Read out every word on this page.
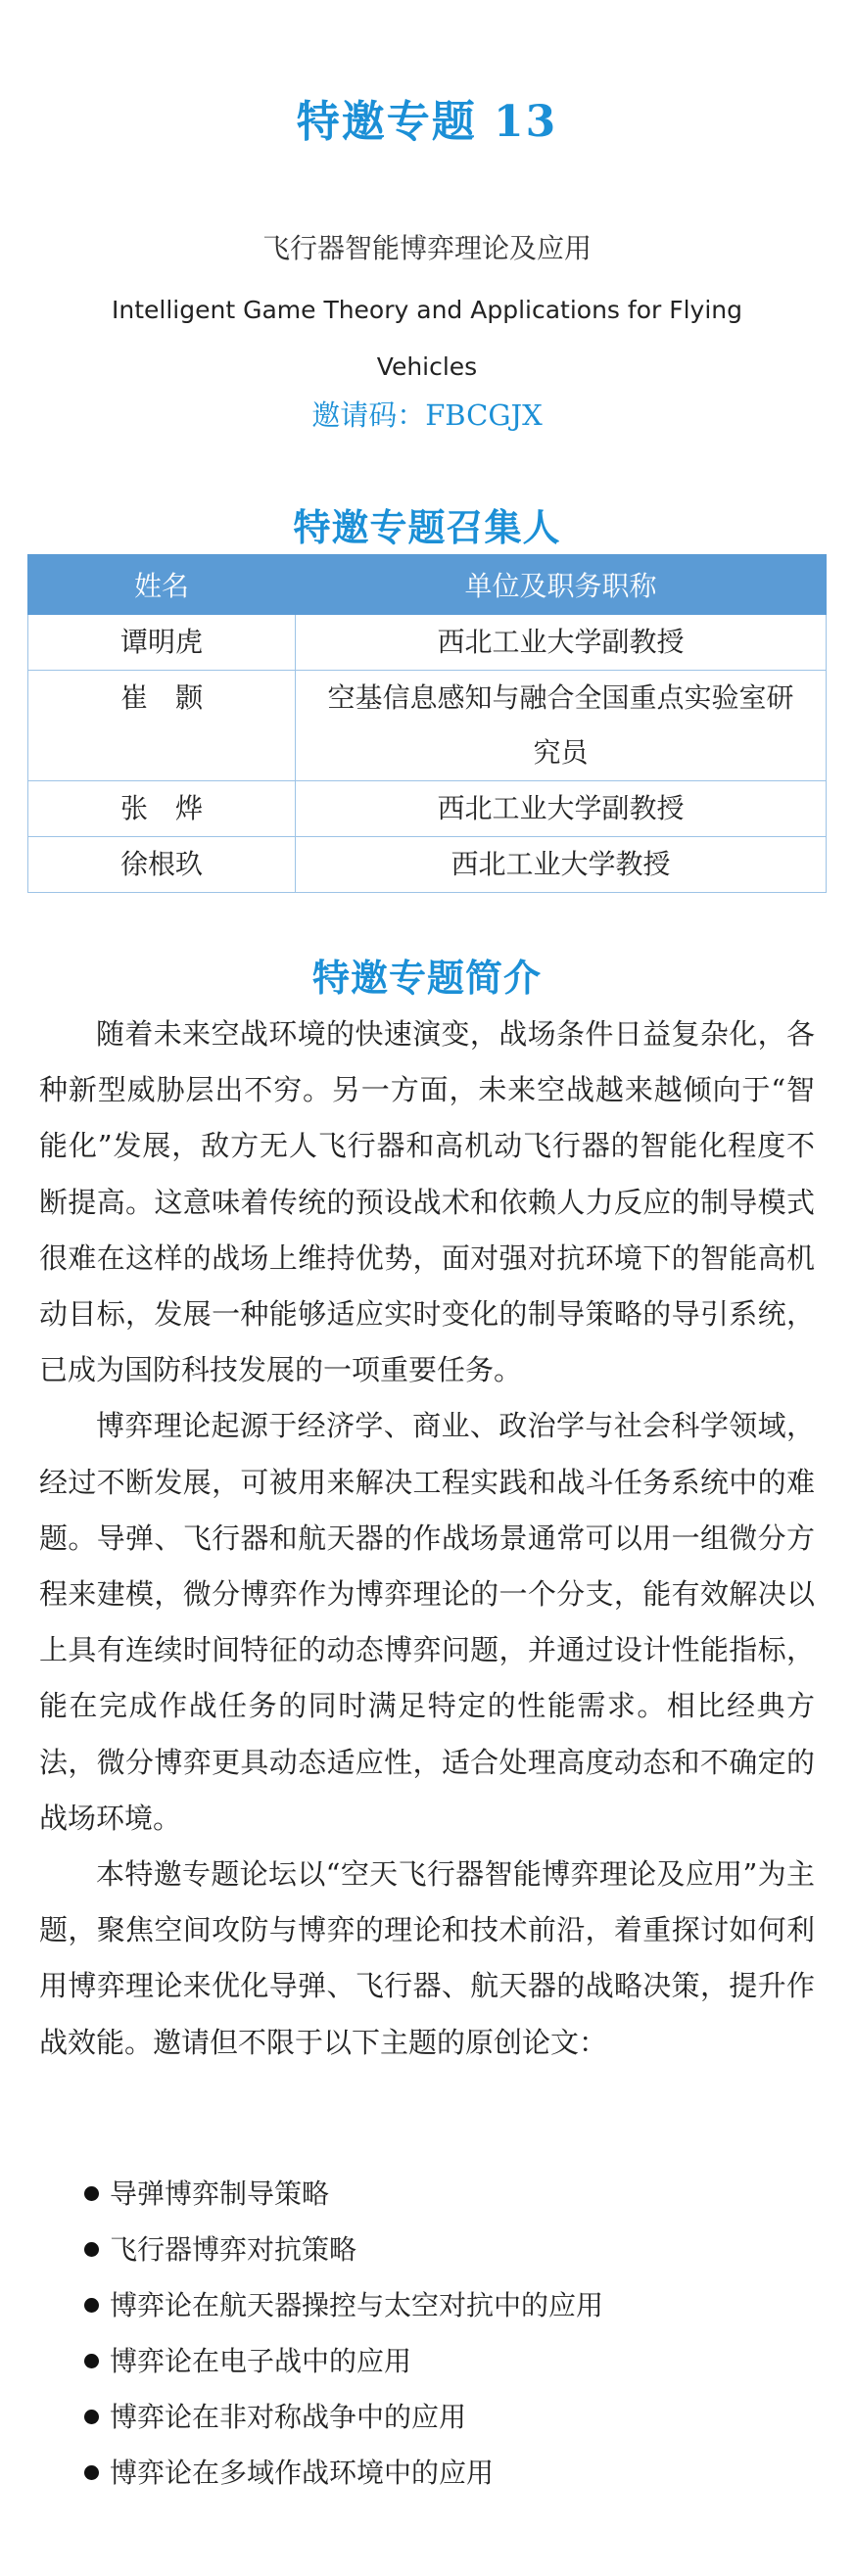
特邀专题 13
飞行器智能博弈理论及应用
Intelligent Game Theory and Applications for Flying Vehicles
邀请码：FBCGJX
特邀专题召集人
姓名	单位及职务职称
谭明虎	西北工业大学副教授
崔　颢	空基信息感知与融合全国重点实验室研究员
张　烨	西北工业大学副教授
徐根玖	西北工业大学教授
特邀专题简介

随着未来空战环境的快速演变，战场条件日益复杂化，各种新型威胁层出不穷。另一方面，未来空战越来越倾向于“智能化”发展，敌方无人飞行器和高机动飞行器的智能化程度不断提高。这意味着传统的预设战术和依赖人力反应的制导模式很难在这样的战场上维持优势，面对强对抗环境下的智能高机动目标，发展一种能够适应实时变化的制导策略的导引系统，已成为国防科技发展的一项重要任务。

博弈理论起源于经济学、商业、政治学与社会科学领域，经过不断发展，可被用来解决工程实践和战斗任务系统中的难题。导弹、飞行器和航天器的作战场景通常可以用一组微分方程来建模，微分博弈作为博弈理论的一个分支，能有效解决以上具有连续时间特征的动态博弈问题，并通过设计性能指标，能在完成作战任务的同时满足特定的性能需求。相比经典方法，微分博弈更具动态适应性，适合处理高度动态和不确定的战场环境。

本特邀专题论坛以“空天飞行器智能博弈理论及应用”为主题，聚焦空间攻防与博弈的理论和技术前沿，着重探讨如何利用博弈理论来优化导弹、飞行器、航天器的战略决策，提升作战效能。邀请但不限于以下主题的原创论文：

导弹博弈制导策略
飞行器博弈对抗策略
博弈论在航天器操控与太空对抗中的应用
博弈论在电子战中的应用
博弈论在非对称战争中的应用
博弈论在多域作战环境中的应用
